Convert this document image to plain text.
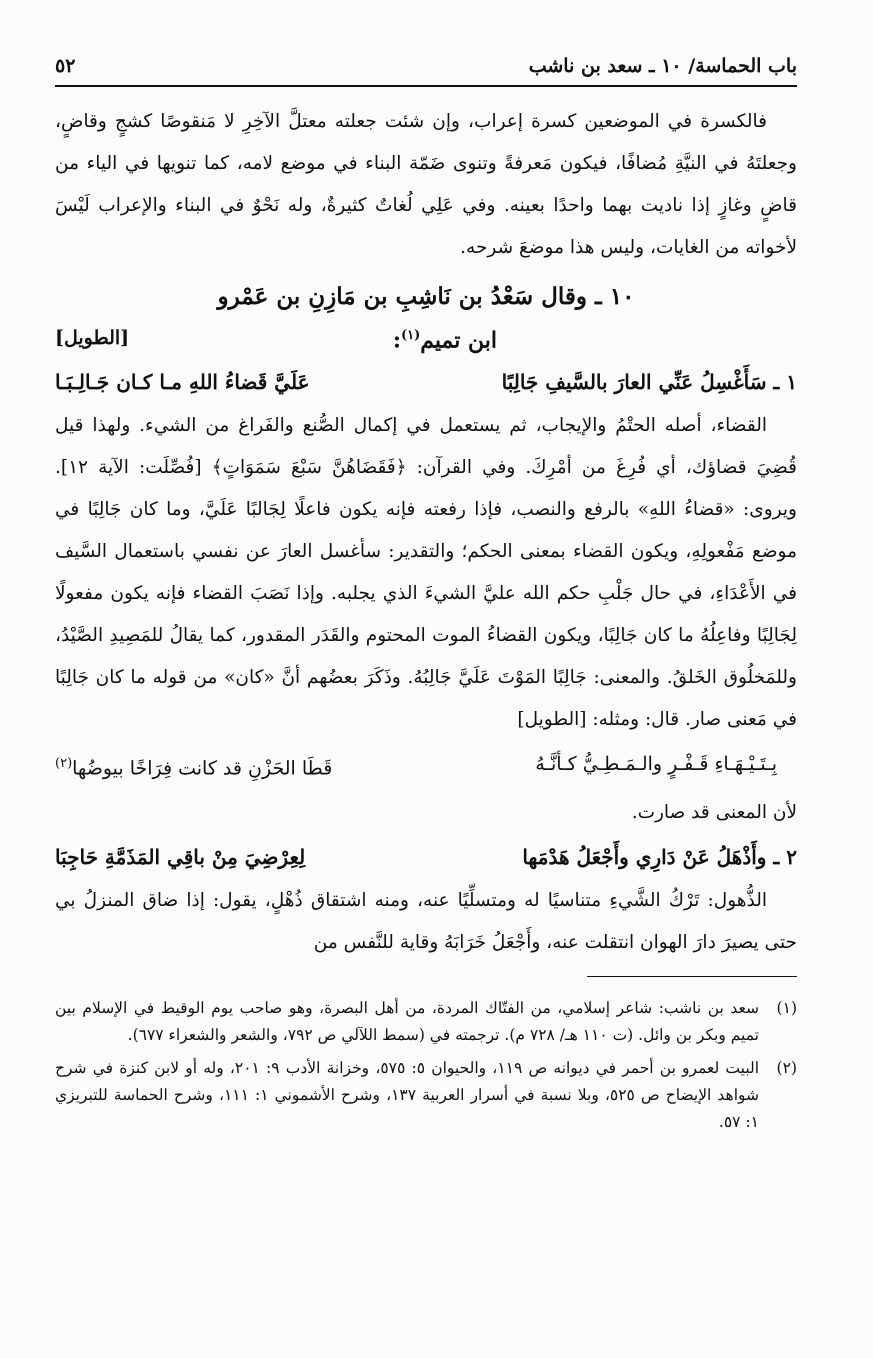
باب الحماسة/ ١٠ ـ سعد بن ناشب
٥٢

فالكسرة في الموضعين كسرة إعراب، وإن شئت جعلته معتلَّ الآخِرِ لا مَنقوصًا كشجٍ وقاضٍ، وجعلتَهُ في النيَّةِ مُضافًا، فيكون مَعرفةً وتنوى ضَمّة البناء في موضع لامه، كما تنويها في الياء من قاضٍ وغازٍ إذا ناديت بهما واحدًا بعينه. وفي عَلِي لُغاتٌ كثيرةٌ، وله نَحْوٌ في البناء والإعراب لَيْسَ لأخواته من الغايات، وليس هذا موضعَ شرحه.

١٠ ـ وقال سَعْدُ بن نَاشِبِ بن مَازِنِ بن عَمْرو
ابن تميم$^{(١)}$:
[الطويل]
١ ـ سَأَغْسِلُ عَنِّي العارَ بالسَّيفِ جَالِبًا
عَلَيَّ قَضاءُ اللهِ مـا كـان جَـالِـبَـا

القضاء، أصله الحتْمُ والإيجاب، ثم يستعمل في إكمال الصُّنع والفَراغ من الشيء. ولهذا قيل قُضِيَ قضاؤك، أي فُرِغَ من أمْرِكَ. وفي القرآن: ﴿فَقَضَاهُنَّ سَبْعَ سَمَوَاتٍ﴾ [فُصِّلَت: الآية ١٢]. ويروى: «قضاءُ اللهِ» بالرفع والنصب، فإذا رفعته فإنه يكون فاعلًا لِجَالبًا عَلَيَّ، وما كان جَالِبًا في موضع مَفْعولِهِ، ويكون القضاء بمعنى الحكم؛ والتقدير: سأغسل العارَ عن نفسي باستعمال السَّيف في الأَعْدَاءِ، في حال جَلْبِ حكم الله عليَّ الشيءَ الذي يجلبه. وإذا نَصَبَ القضاء فإنه يكون مفعولًا لِجَالِبًا وفاعِلُهُ ما كان جَالِبًا، ويكون القضاءُ الموت المحتوم والقَدَر المقدور، كما يقالُ للمَصِيدِ الصَّيْدُ، وللمَخلُوق الخَلقُ. والمعنى: جَالِبًا المَوْتَ عَلَيَّ جَالِبُهُ. وذَكَرَ بعضُهم أنَّ «كان» من قوله ما كان جَالِبًا في مَعنى صار. قال: ومثله: [الطويل]

بِـتَـيْـهَـاءِ قَـفْـرٍ والـمَـطِـيُّ كـأنَّـهُ
قَطَا الحَزْنِ قد كانت فِرَاخًا بيوضُها$^{(٢)}$

لأن المعنى قد صارت.

٢ ـ وأَذْهَلُ عَنْ دَارِي وأَجْعَلُ هَدْمَها
لِعِرْضِيَ مِنْ باقِي المَذَمَّةِ حَاجِبَا

الذُّهول: تَرْكُ الشَّيءِ متناسيًا له ومتسلِّيًا عنه، ومنه اشتقاق ذُهْلٍ، يقول: إذا ضاق المنزلُ بي حتى يصيرَ دارَ الهوان انتقلت عنه، وأَجْعَلُ خَرَابَهُ وقاية للنَّفس من

(١)
سعد بن ناشب: شاعر إسلامي، من الفتّاك المردة، من أهل البصرة، وهو صاحب يوم الوقيط في الإسلام بين تميم وبكر بن وائل. (ت ١١٠ هـ/ ٧٢٨ م). ترجمته في (سمط اللآلي ص ٧٩٢، والشعر والشعراء ٦٧٧).
(٢)
البيت لعمرو بن أحمر في ديوانه ص ١١٩، والحيوان ٥: ٥٧٥، وخزانة الأدب ٩: ٢٠١، وله أو لابن كنزة في شرح شواهد الإيضاح ص ٥٢٥، وبلا نسبة في أسرار العربية ١٣٧، وشرح الأشموني ١: ١١١، وشرح الحماسة للتبريزي ١: ٥٧.
